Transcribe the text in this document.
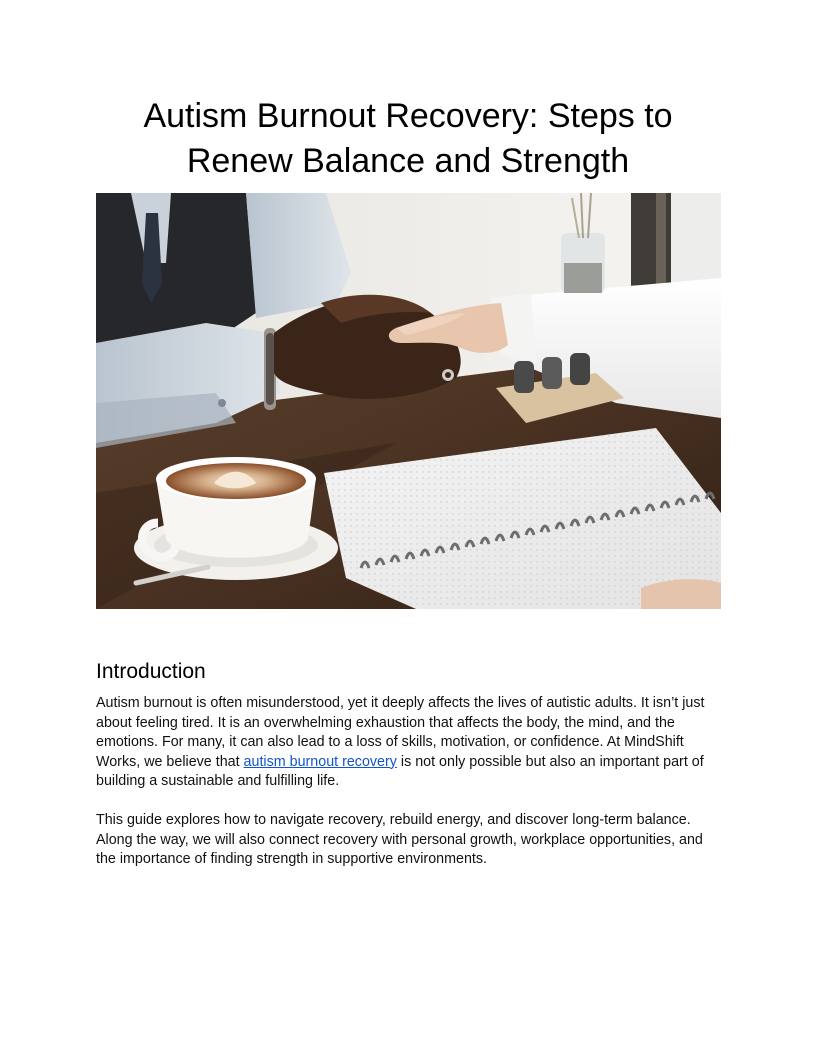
Autism Burnout Recovery: Steps to Renew Balance and Strength
Introduction

Autism burnout is often misunderstood, yet it deeply affects the lives of autistic adults. It isn’t just about feeling tired. It is an overwhelming exhaustion that affects the body, the mind, and the emotions. For many, it can also lead to a loss of skills, motivation, or confidence. At MindShift Works, we believe that autism burnout recovery is not only possible but also an important part of building a sustainable and fulfilling life.

This guide explores how to navigate recovery, rebuild energy, and discover long-term balance. Along the way, we will also connect recovery with personal growth, workplace opportunities, and the importance of finding strength in supportive environments.
